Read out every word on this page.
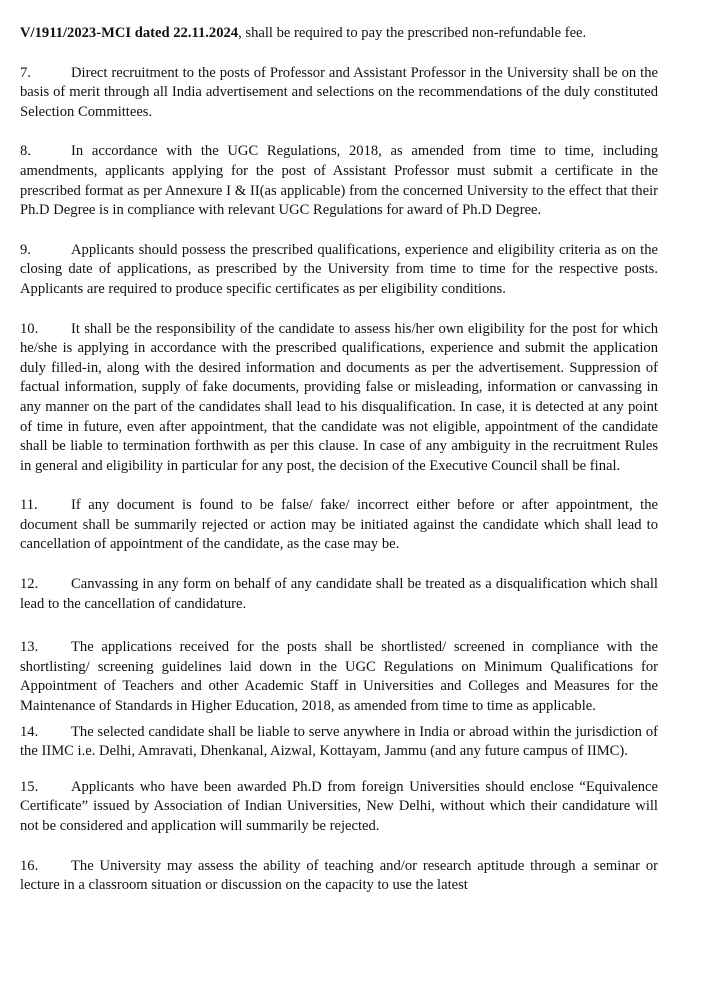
V/1911/2023-MCI dated 22.11.2024, shall be required to pay the prescribed non-refundable fee.

7.	Direct recruitment to the posts of Professor and Assistant Professor in the University shall be on the basis of merit through all India advertisement and selections on the recommendations of the duly constituted Selection Committees.

8.	In accordance with the UGC Regulations, 2018, as amended from time to time, including amendments, applicants applying for the post of Assistant Professor must submit a certificate in the prescribed format as per Annexure I & II(as applicable) from the concerned University to the effect that their Ph.D Degree is in compliance with relevant UGC Regulations for award of Ph.D Degree.

9.	Applicants should possess the prescribed qualifications, experience and eligibility criteria as on the closing date of applications, as prescribed by the University from time to time for the respective posts. Applicants are required to produce specific certificates as per eligibility conditions.

10. It shall be the responsibility of the candidate to assess his/her own eligibility for the post for which he/she is applying in accordance with the prescribed qualifications, experience and submit the application duly filled-in, along with the desired information and documents as per the advertisement. Suppression of factual information, supply of fake documents, providing false or misleading, information or canvassing in any manner on the part of the candidates shall lead to his disqualification. In case, it is detected at any point of time in future, even after appointment, that the candidate was not eligible, appointment of the candidate shall be liable to termination forthwith as per this clause. In case of any ambiguity in the recruitment Rules in general and eligibility in particular for any post, the decision of the Executive Council shall be final.

11. If any document is found to be false/ fake/ incorrect either before or after appointment, the document shall be summarily rejected or action may be initiated against the candidate which shall lead to cancellation of appointment of the candidate, as the case may be.

12. Canvassing in any form on behalf of any candidate shall be treated as a disqualification which shall lead to the cancellation of candidature.

13. The applications received for the posts shall be shortlisted/ screened in compliance with the shortlisting/ screening guidelines laid down in the UGC Regulations on Minimum Qualifications for Appointment of Teachers and other Academic Staff in Universities and Colleges and Measures for the Maintenance of Standards in Higher Education, 2018, as amended from time to time as applicable.

14. The selected candidate shall be liable to serve anywhere in India or abroad within the jurisdiction of the IIMC i.e. Delhi, Amravati, Dhenkanal, Aizwal, Kottayam, Jammu (and any future campus of IIMC).

15. Applicants who have been awarded Ph.D from foreign Universities should enclose “Equivalence Certificate” issued by Association of Indian Universities, New Delhi, without which their candidature will not be considered and application will summarily be rejected.

16. The University may assess the ability of teaching and/or research aptitude through a seminar or lecture in a classroom situation or discussion on the capacity to use the latest
